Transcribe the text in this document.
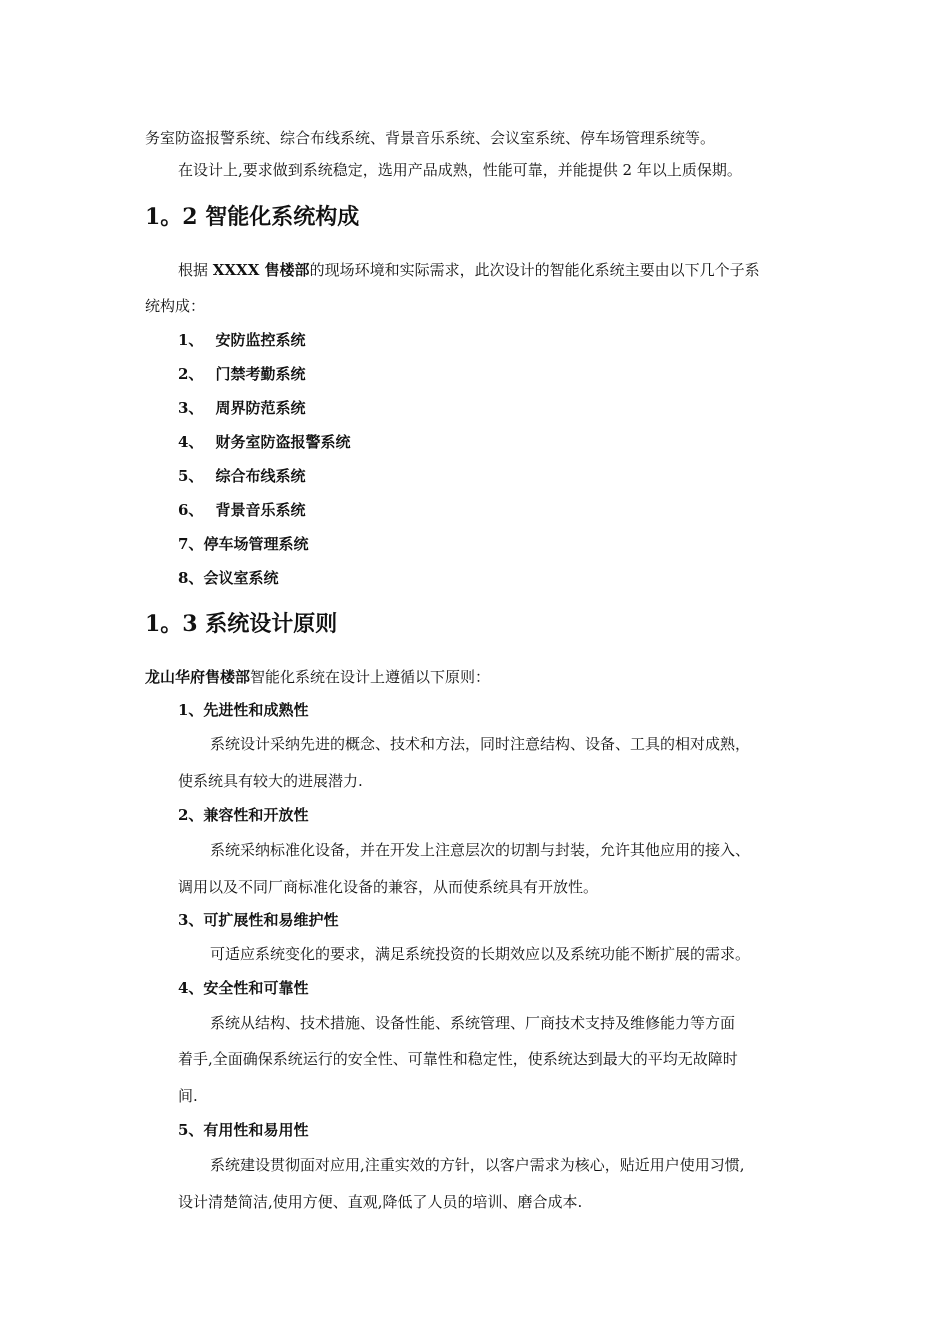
务室防盗报警系统、综合布线系统、背景音乐系统、会议室系统、停车场管理系统等。
在设计上,要求做到系统稳定，选用产品成熟，性能可靠，并能提供 2 年以上质保期。
1。2 智能化系统构成
根据 XXXX 售楼部的现场环境和实际需求，此次设计的智能化系统主要由以下几个子系
统构成：
1、 安防监控系统
2、 门禁考勤系统
3、 周界防范系统
4、 财务室防盗报警系统
5、 综合布线系统
6、 背景音乐系统
7、停车场管理系统
8、会议室系统
1。3 系统设计原则
龙山华府售楼部智能化系统在设计上遵循以下原则：
1、先进性和成熟性
系统设计采纳先进的概念、技术和方法，同时注意结构、设备、工具的相对成熟，
使系统具有较大的进展潜力.
2、兼容性和开放性
系统采纳标准化设备，并在开发上注意层次的切割与封装，允许其他应用的接入、
调用以及不同厂商标准化设备的兼容，从而使系统具有开放性。
3、可扩展性和易维护性
可适应系统变化的要求，满足系统投资的长期效应以及系统功能不断扩展的需求。
4、安全性和可靠性
系统从结构、技术措施、设备性能、系统管理、厂商技术支持及维修能力等方面
着手,全面确保系统运行的安全性、可靠性和稳定性，使系统达到最大的平均无故障时
间.
5、有用性和易用性
系统建设贯彻面对应用,注重实效的方针，以客户需求为核心，贴近用户使用习惯,
设计清楚简洁,使用方便、直观,降低了人员的培训、磨合成本.
